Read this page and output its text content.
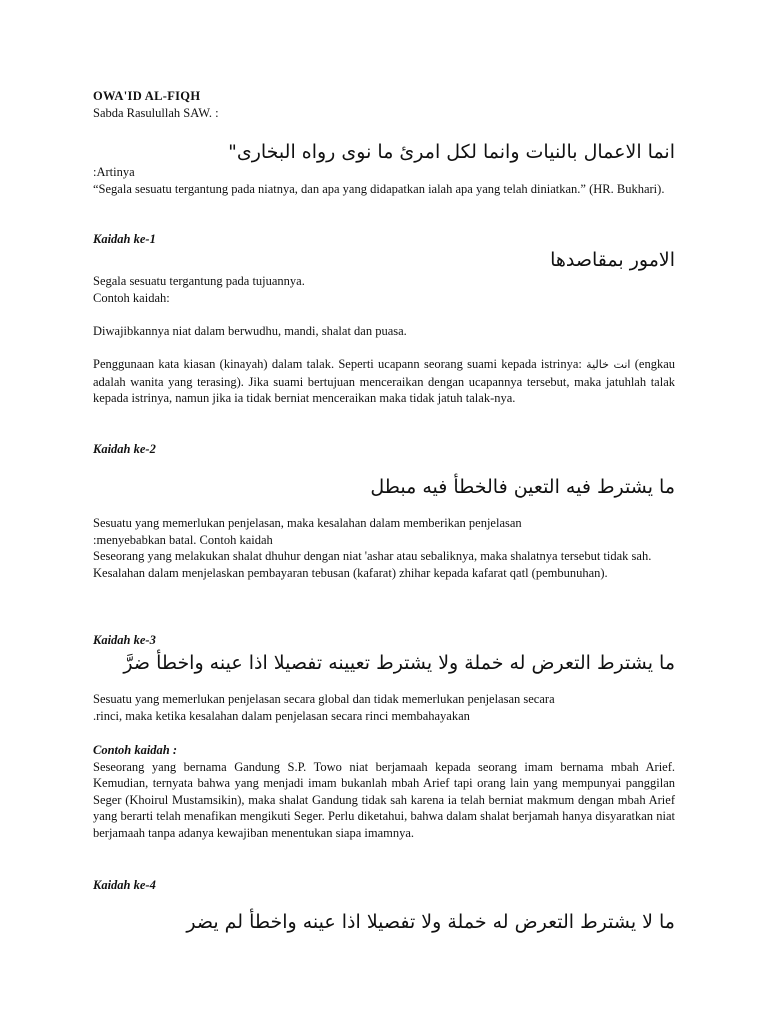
OWA'ID AL-FIQH

Sabda Rasulullah SAW. :

انما الاعمال بالنيات وانما لكل امرئ ما نوى رواه البخارى"

:Artinya

“Segala sesuatu tergantung pada niatnya, dan apa yang didapatkan ialah apa yang telah diniatkan.” (HR. Bukhari).

Kaidah ke-1

الامور بمقاصدها

Segala sesuatu tergantung pada tujuannya.

Contoh kaidah:

Diwajibkannya niat dalam berwudhu, mandi, shalat dan puasa.

Penggunaan kata kiasan (kinayah) dalam talak. Seperti ucapann seorang suami kepada istrinya: انت خالية (engkau adalah wanita yang terasing). Jika suami bertujuan menceraikan dengan ucapannya tersebut, maka jatuhlah talak kepada istrinya, namun jika ia tidak berniat menceraikan maka tidak jatuh talak-nya.

Kaidah ke-2

ما يشترط فيه التعين فالخطأ فيه مبطل

Sesuatu yang memerlukan penjelasan, maka kesalahan dalam memberikan penjelasan

:menyebabkan batal. Contoh kaidah

Seseorang yang melakukan shalat dhuhur dengan niat 'ashar atau sebaliknya, maka shalatnya tersebut tidak sah.

Kesalahan dalam menjelaskan pembayaran tebusan (kafarat) zhihar kepada kafarat qatl (pembunuhan).

Kaidah ke-3

ما يشترط التعرض له خملة ولا يشترط تعيينه تفصيلا اذا عينه واخطأ ضرَّ

Sesuatu yang memerlukan penjelasan secara global dan tidak memerlukan penjelasan secara

.rinci, maka ketika kesalahan dalam penjelasan secara rinci membahayakan

Contoh kaidah :

Seseorang yang bernama Gandung S.P. Towo niat berjamaah kepada seorang imam bernama mbah Arief. Kemudian, ternyata bahwa yang menjadi imam bukanlah mbah Arief tapi orang lain yang mempunyai panggilan Seger (Khoirul Mustamsikin), maka shalat Gandung tidak sah karena ia telah berniat makmum dengan mbah Arief yang berarti telah menafikan mengikuti Seger. Perlu diketahui, bahwa dalam shalat berjamah hanya disyaratkan niat berjamaah tanpa adanya kewajiban menentukan siapa imamnya.

Kaidah ke-4

ما لا يشترط التعرض له خملة ولا تفصيلا اذا عينه واخطأ لم يضر
